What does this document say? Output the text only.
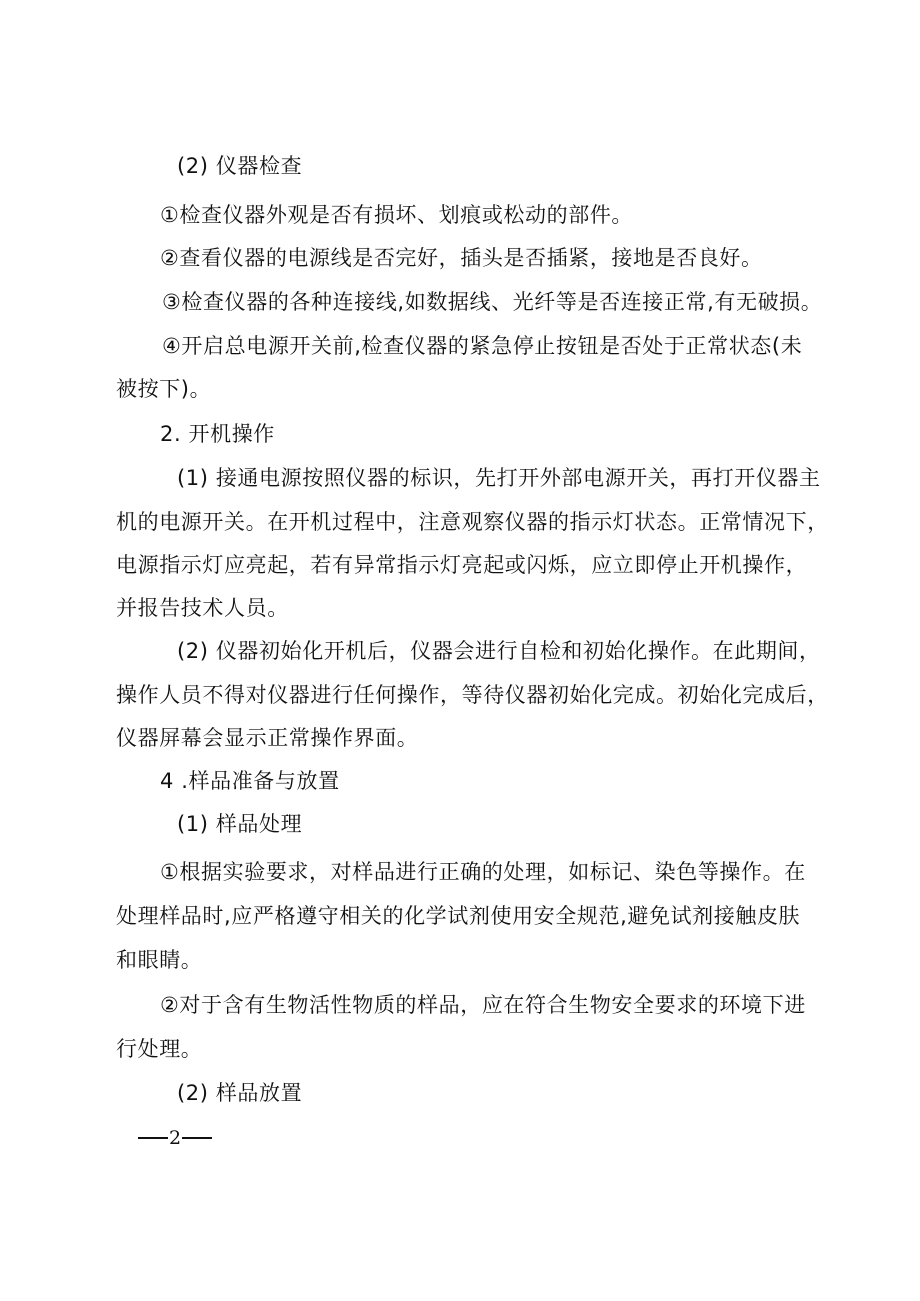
(2) 仪器检查
①检查仪器外观是否有损坏、划痕或松动的部件。
②查看仪器的电源线是否完好，插头是否插紧，接地是否良好。
③检查仪器的各种连接线,如数据线、光纤等是否连接正常,有无破损。
④开启总电源开关前,检查仪器的紧急停止按钮是否处于正常状态(未
被按下)。
2. 开机操作
(1) 接通电源按照仪器的标识，先打开外部电源开关，再打开仪器主
机的电源开关。在开机过程中，注意观察仪器的指示灯状态。正常情况下，
电源指示灯应亮起，若有异常指示灯亮起或闪烁，应立即停止开机操作，
并报告技术人员。
(2) 仪器初始化开机后，仪器会进行自检和初始化操作。在此期间，
操作人员不得对仪器进行任何操作，等待仪器初始化完成。初始化完成后，
仪器屏幕会显示正常操作界面。
4 .样品准备与放置
(1) 样品处理
①根据实验要求，对样品进行正确的处理，如标记、染色等操作。在
处理样品时,应严格遵守相关的化学试剂使用安全规范,避免试剂接触皮肤
和眼睛。
②对于含有生物活性物质的样品，应在符合生物安全要求的环境下进
行处理。
(2) 样品放置
2
